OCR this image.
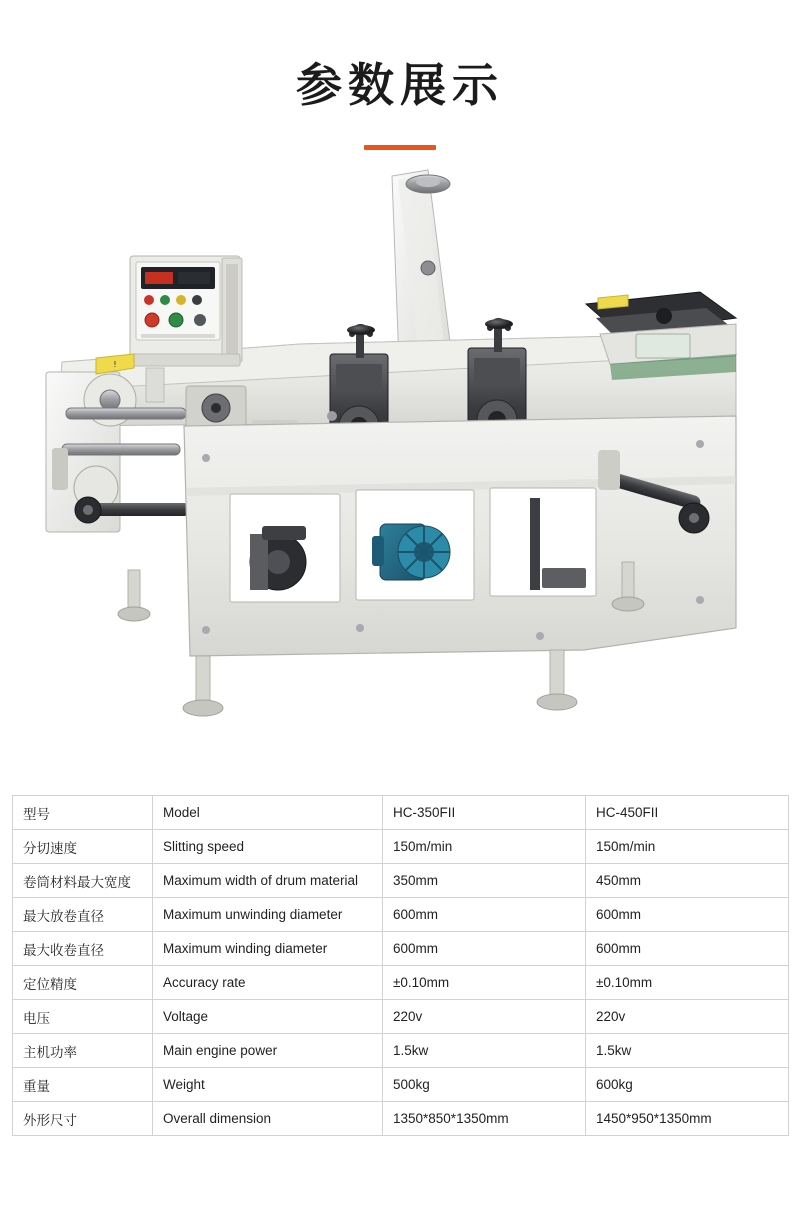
参数展示
!
型号	Model	HC-350FII	HC-450FII
分切速度	Slitting speed	150m/min	150m/min
卷筒材料最大宽度	Maximum width of drum material	350mm	450mm
最大放卷直径	Maximum unwinding diameter	600mm	600mm
最大收卷直径	Maximum winding diameter	600mm	600mm
定位精度	Accuracy rate	±0.10mm	±0.10mm
电压	Voltage	220v	220v
主机功率	Main engine power	1.5kw	1.5kw
重量	Weight	500kg	600kg
外形尺寸	Overall dimension	1350*850*1350mm	1450*950*1350mm
